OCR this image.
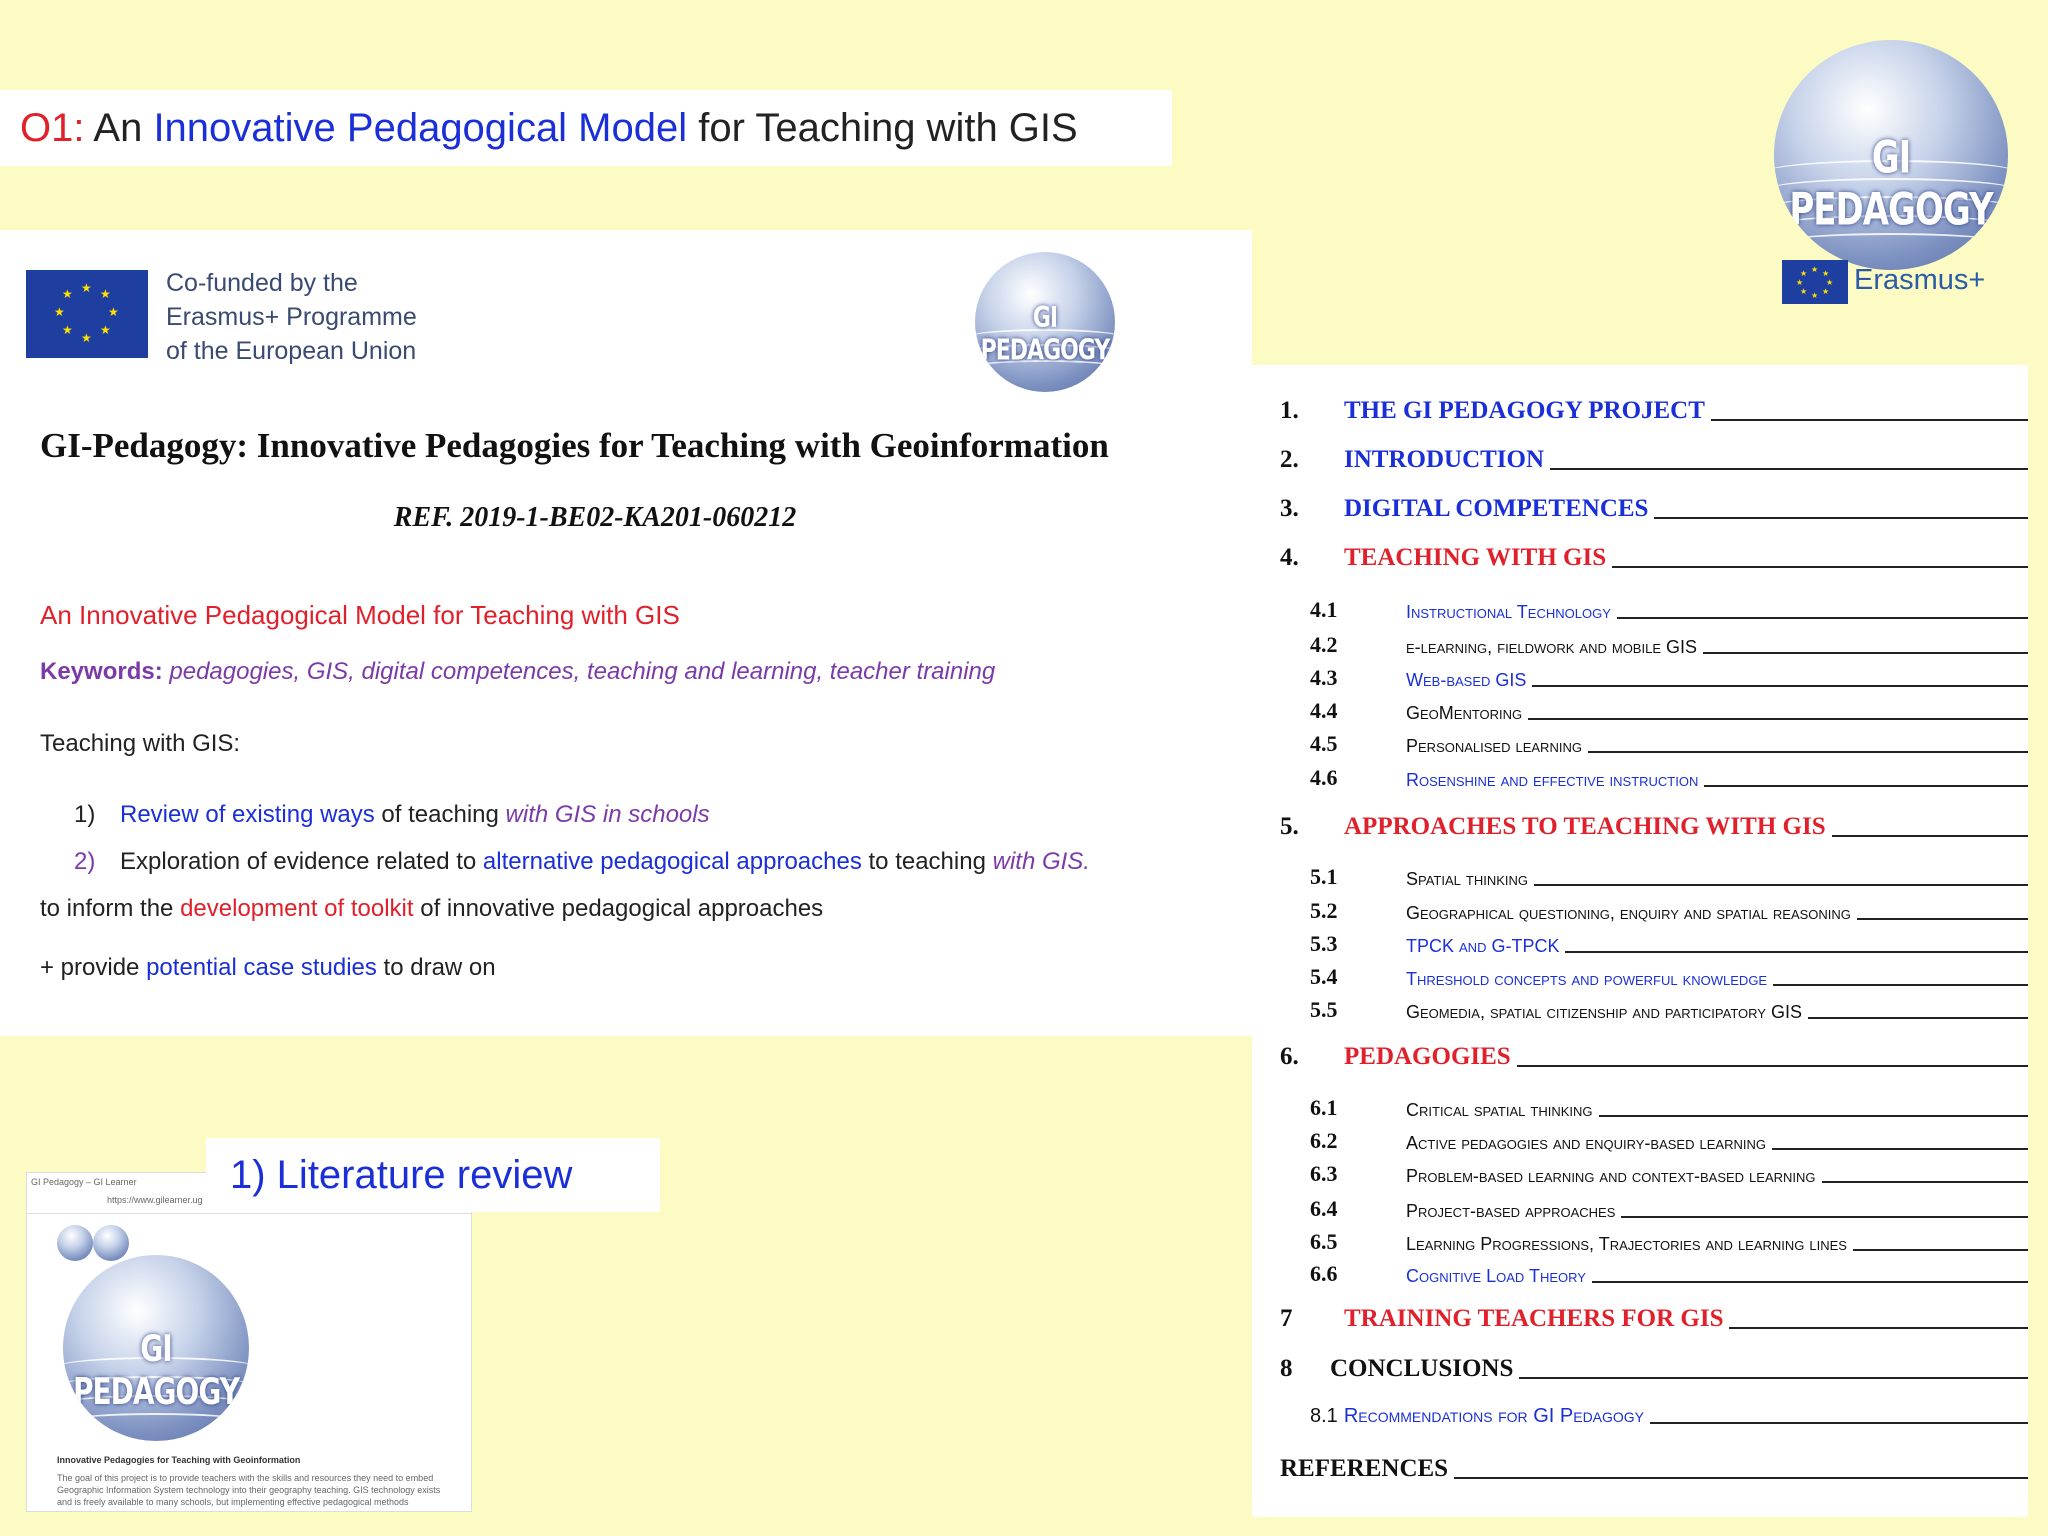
O1: An Innovative Pedagogical Model for Teaching with GIS
GI PEDAGOGY
★ ★
★
★
★
★
★
★ Erasmus+
★ ★
★
★
★
★
★
★	Co-funded by the
Erasmus+ Programme
of the European Union
GI PEDAGOGY
GI-Pedagogy: Innovative Pedagogies for Teaching with Geoinformation
REF. 2019-1-BE02-KA201-060212
An Innovative Pedagogical Model for Teaching with GIS
Keywords: pedagogies, GIS, digital competences, teaching and learning, teacher training
Teaching with GIS:
1) Review of existing ways of teaching with GIS in schools
2) Exploration of evidence related to alternative pedagogical approaches to teaching with GIS.
to inform the development of toolkit of innovative pedagogical approaches
+ provide potential case studies to draw on
GI Pedagogy – GI Learner
https://www.gilearner.ug
GI PEDAGOGY
Innovative Pedagogies for Teaching with Geoinformation
The goal of this project is to provide teachers with the skills and resources they need to embed
Geographic Information System technology into their geography teaching. GIS technology exists
and is freely available to many schools, but implementing effective pedagogical methods
1) Literature review
1.	THE GI PEDAGOGY PROJECT
2.	INTRODUCTION
3.	DIGITAL COMPETENCES
4.	TEACHING WITH GIS
4.1	Instructional Technology
4.2	e-learning, fieldwork and mobile GIS
4.3	Web-based GIS
4.4	GeoMentoring
4.5	Personalised learning
4.6	Rosenshine and effective instruction
5.	APPROACHES TO TEACHING WITH GIS
5.1	Spatial thinking
5.2	Geographical questioning, enquiry and spatial reasoning
5.3	TPCK and G-TPCK
5.4	Threshold concepts and powerful knowledge
5.5	Geomedia, spatial citizenship and participatory GIS
6.	PEDAGOGIES
6.1	Critical spatial thinking
6.2	Active pedagogies and enquiry-based learning
6.3	Problem-based learning and context-based learning
6.4	Project-based approaches
6.5	Learning Progressions, Trajectories and learning lines
6.6	Cognitive Load Theory
7	TRAINING TEACHERS FOR GIS
8	CONCLUSIONS
8.1 Recommendations for GI Pedagogy
REFERENCES
